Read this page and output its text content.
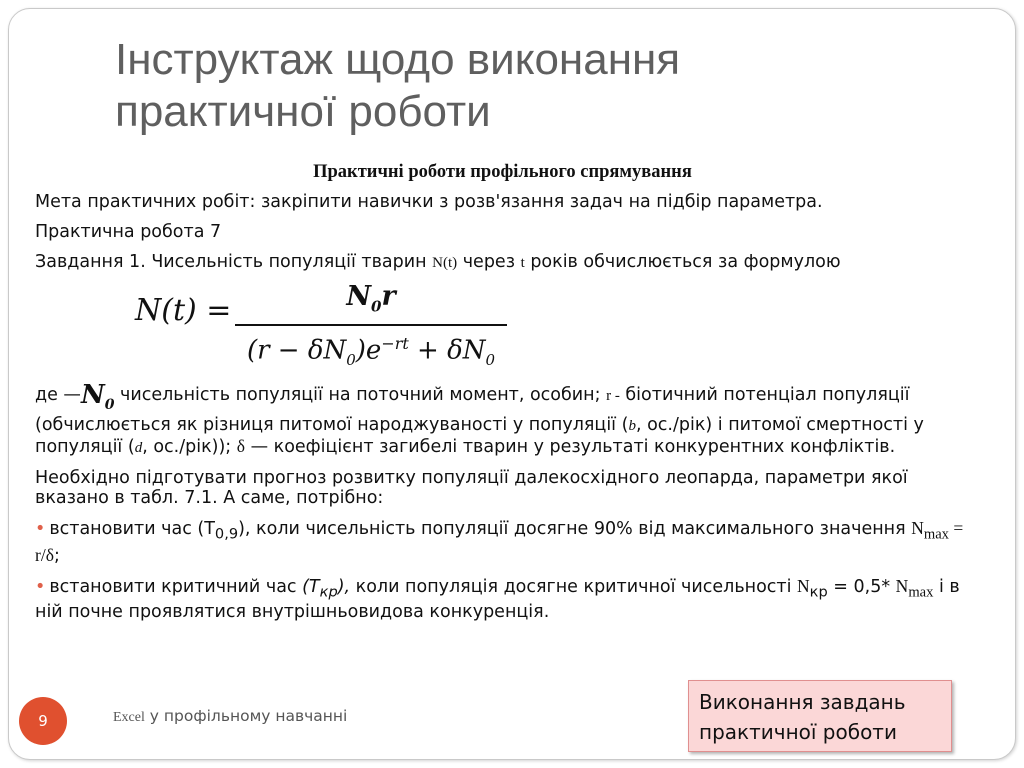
Інструктаж щодо виконання
практичної роботи

Практичні роботи профільного спрямування

Мета практичних робіт: закріпити навички з розв'язання задач на підбір параметра.

Практична робота 7

Завдання 1. Чисельність популяції тварин N(t) через t років обчислюється за формулою

N(t) =	$N_0r$
$(r - \delta N_0)e^{-rt} + \delta N_0$

де $—N_0$ чисельність популяції на поточний момент, особин; r - біотичний потенціал популяції (обчислюється як різниця питомої народжуваності у популяції (b, ос./рік) і питомої смертності у популяції (d, ос./рік)); δ — коефіцієнт загибелі тварин у результаті конкурентних конфліктів.

Необхідно підготувати прогноз розвитку популяції далекосхідного леопарда, параметри якої вказано в табл. 7.1. А саме, потрібно:

• встановити час $(T_{0,9})$, коли чисельність популяції досягне 90% від максимального значення $N_{max} = r/\delta$;

• встановити критичний час $(T_{кр})$, коли популяція досягне критичної чисельності $N_{кр} = 0,5*$ $N_{max}$ і в ній почне проявлятися внутрішньовидова конкуренція.

Виконання завдань
практичної роботи
9	Excel у профільному навчанні
